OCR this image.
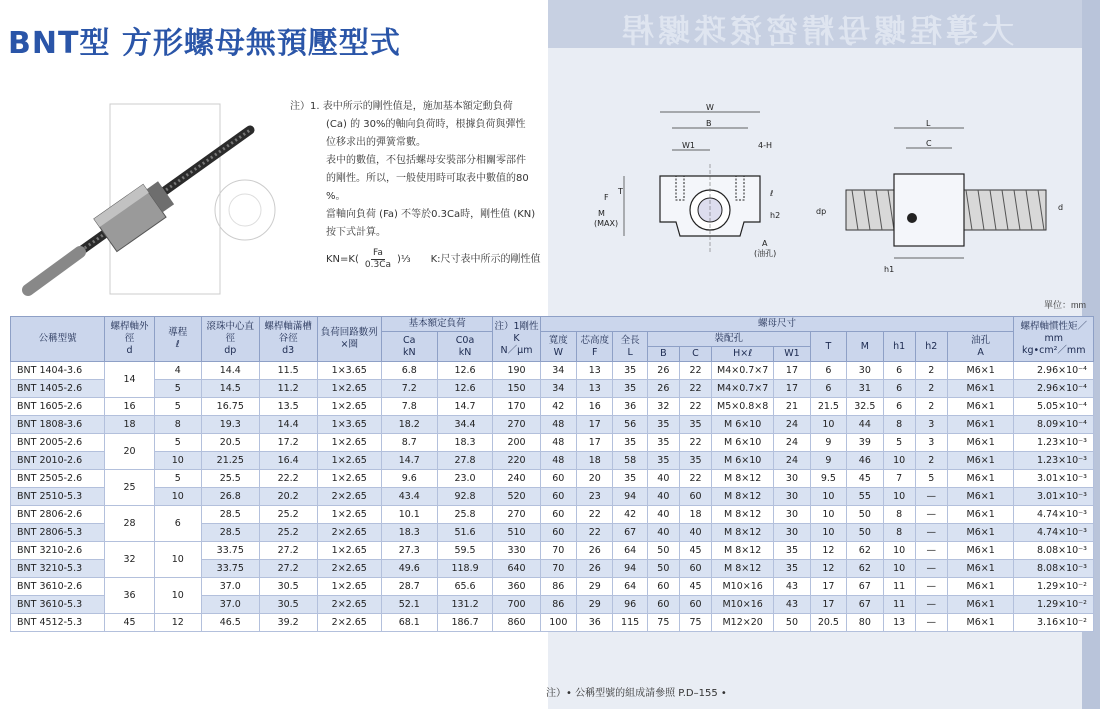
大導程螺母精密滾珠螺桿
BNT型 方形螺母無預壓型式
注）1. 表中所示的剛性值是，施加基本額定動負荷
(Ca) 的 30%的軸向負荷時，根據負荷與彈性
位移求出的彈簧常數。
表中的數值，不包括螺母安裝部分相關零部件
的剛性。所以，一般使用時可取表中數值的80
%。
當軸向負荷 (Fa) 不等於0.3Ca時，剛性值 (KN)
按下式計算。
$KN=K( \frac{Fa}{0.3Ca}$ )⅓ K:尺寸表中所示的剛性值
W
B
W1	4-H
T
F
M
(MAX)
ℓ
h2
A
(油孔)
L
C
dp	d
h1
單位：mm
公稱型號	螺桿軸外徑
d	導程
ℓ	滾珠中心直徑
dp	螺桿軸滿槽谷徑
d3	負荷回路數列×圈	基本額定負荷		注）1剛性
K
N／μm	螺母尺寸												螺桿軸慣性矩／mm
kg•cm²／mm
						Ca
kN	C0a
kN		寬度
W	芯高度
F	全長
L	裝配孔				T	M	h1	h2	油孔
A	
												B	C	H×ℓ	W1						
BNT 1404-3.6	14	4	14.4	11.5	1×3.65	6.8	12.6	190	34	13	35	26	22	M4×0.7×7	17	6	30	6	2	M6×1	2.96×10⁻⁴
BNT 1405-2.6		5	14.5	11.2	1×2.65	7.2	12.6	150	34	13	35	26	22	M4×0.7×7	17	6	31	6	2	M6×1	2.96×10⁻⁴
BNT 1605-2.6	16	5	16.75	13.5	1×2.65	7.8	14.7	170	42	16	36	32	22	M5×0.8×8	21	21.5	32.5	6	2	M6×1	5.05×10⁻⁴
BNT 1808-3.6	18	8	19.3	14.4	1×3.65	18.2	34.4	270	48	17	56	35	35	M 6×10	24	10	44	8	3	M6×1	8.09×10⁻⁴
BNT 2005-2.6	20	5	20.5	17.2	1×2.65	8.7	18.3	200	48	17	35	35	22	M 6×10	24	9	39	5	3	M6×1	1.23×10⁻³
BNT 2010-2.6		10	21.25	16.4	1×2.65	14.7	27.8	220	48	18	58	35	35	M 6×10	24	9	46	10	2	M6×1	1.23×10⁻³
BNT 2505-2.6	25	5	25.5	22.2	1×2.65	9.6	23.0	240	60	20	35	40	22	M 8×12	30	9.5	45	7	5	M6×1	3.01×10⁻³
BNT 2510-5.3		10	26.8	20.2	2×2.65	43.4	92.8	520	60	23	94	40	60	M 8×12	30	10	55	10	—	M6×1	3.01×10⁻³
BNT 2806-2.6	28	6	28.5	25.2	1×2.65	10.1	25.8	270	60	22	42	40	18	M 8×12	30	10	50	8	—	M6×1	4.74×10⁻³
BNT 2806-5.3			28.5	25.2	2×2.65	18.3	51.6	510	60	22	67	40	40	M 8×12	30	10	50	8	—	M6×1	4.74×10⁻³
BNT 3210-2.6	32	10	33.75	27.2	1×2.65	27.3	59.5	330	70	26	64	50	45	M 8×12	35	12	62	10	—	M6×1	8.08×10⁻³
BNT 3210-5.3			33.75	27.2	2×2.65	49.6	118.9	640	70	26	94	50	60	M 8×12	35	12	62	10	—	M6×1	8.08×10⁻³
BNT 3610-2.6	36	10	37.0	30.5	1×2.65	28.7	65.6	360	86	29	64	60	45	M10×16	43	17	67	11	—	M6×1	1.29×10⁻²
BNT 3610-5.3			37.0	30.5	2×2.65	52.1	131.2	700	86	29	96	60	60	M10×16	43	17	67	11	—	M6×1	1.29×10⁻²
BNT 4512-5.3	45	12	46.5	39.2	2×2.65	68.1	186.7	860	100	36	115	75	75	M12×20	50	20.5	80	13	—	M6×1	3.16×10⁻²
注）• 公稱型號的組成請參照 P.D–155 •
